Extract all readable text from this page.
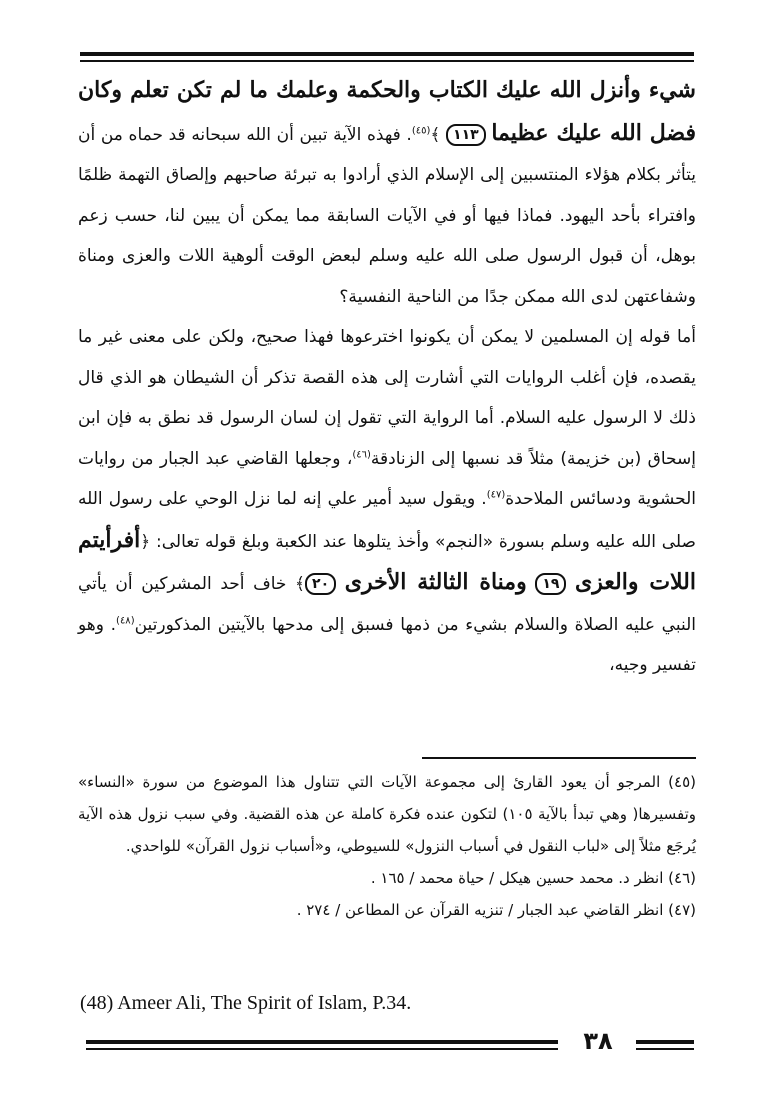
شيء وأنزل الله عليك الكتاب والحكمة وعلمك ما لم تكن تعلم وكان فضل الله عليك عظيما ١١٣ ﴾$^{(٤٥)}$. فهذه الآية تبين أن الله سبحانه قد حماه من أن يتأثر بكلام هؤلاء المنتسبين إلى الإسلام الذي أرادوا به تبرئة صاحبهم وإلصاق التهمة ظلمًا وافتراء بأحد اليهود. فماذا فيها أو في الآيات السابقة مما يمكن أن يبين لنا، حسب زعم بوهل، أن قبول الرسول صلى الله عليه وسلم لبعض الوقت ألوهية اللات والعزى ومناة وشفاعتهن لدى الله ممكن جدًا من الناحية النفسية؟

أما قوله إن المسلمين لا يمكن أن يكونوا اخترعوها فهذا صحيح، ولكن على معنى غير ما يقصده، فإن أغلب الروايات التي أشارت إلى هذه القصة تذكر أن الشيطان هو الذي قال ذلك لا الرسول عليه السلام. أما الرواية التي تقول إن لسان الرسول قد نطق به فإن ابن إسحاق (بن خزيمة) مثلاً قد نسبها إلى الزنادقة$^{(٤٦)}$، وجعلها القاضي عبد الجبار من روايات الحشوية ودسائس الملاحدة$^{(٤٧)}$. ويقول سيد أمير علي إنه لما نزل الوحي على رسول الله صلى الله عليه وسلم بسورة «النجم» وأخذ يتلوها عند الكعبة وبلغ قوله تعالى: ﴿أفرأيتم اللات والعزى ١٩ ومناة الثالثة الأخرى ٢٠﴾ خاف أحد المشركين أن يأتي النبي عليه الصلاة والسلام بشيء من ذمها فسبق إلى مدحها بالآيتين المذكورتين$^{(٤٨)}$. وهو تفسير وجيه،

(٤٥) المرجو أن يعود القارئ إلى مجموعة الآيات التي تتناول هذا الموضوع من سورة «النساء» وتفسيرها( وهي تبدأ بالآية ١٠٥) لتكون عنده فكرة كاملة عن هذه القضية. وفي سبب نزول هذه الآية يُرجَع مثلاً إلى «لباب النقول في أسباب النزول» للسيوطي، و«أسباب نزول القرآن» للواحدي.

(٤٦) انظر د. محمد حسين هيكل / حياة محمد / ١٦٥ .

(٤٧) انظر القاضي عبد الجبار / تنزيه القرآن عن المطاعن / ٢٧٤ .

(48) Ameer Ali, The Spirit of Islam, P.34.
٣٨
